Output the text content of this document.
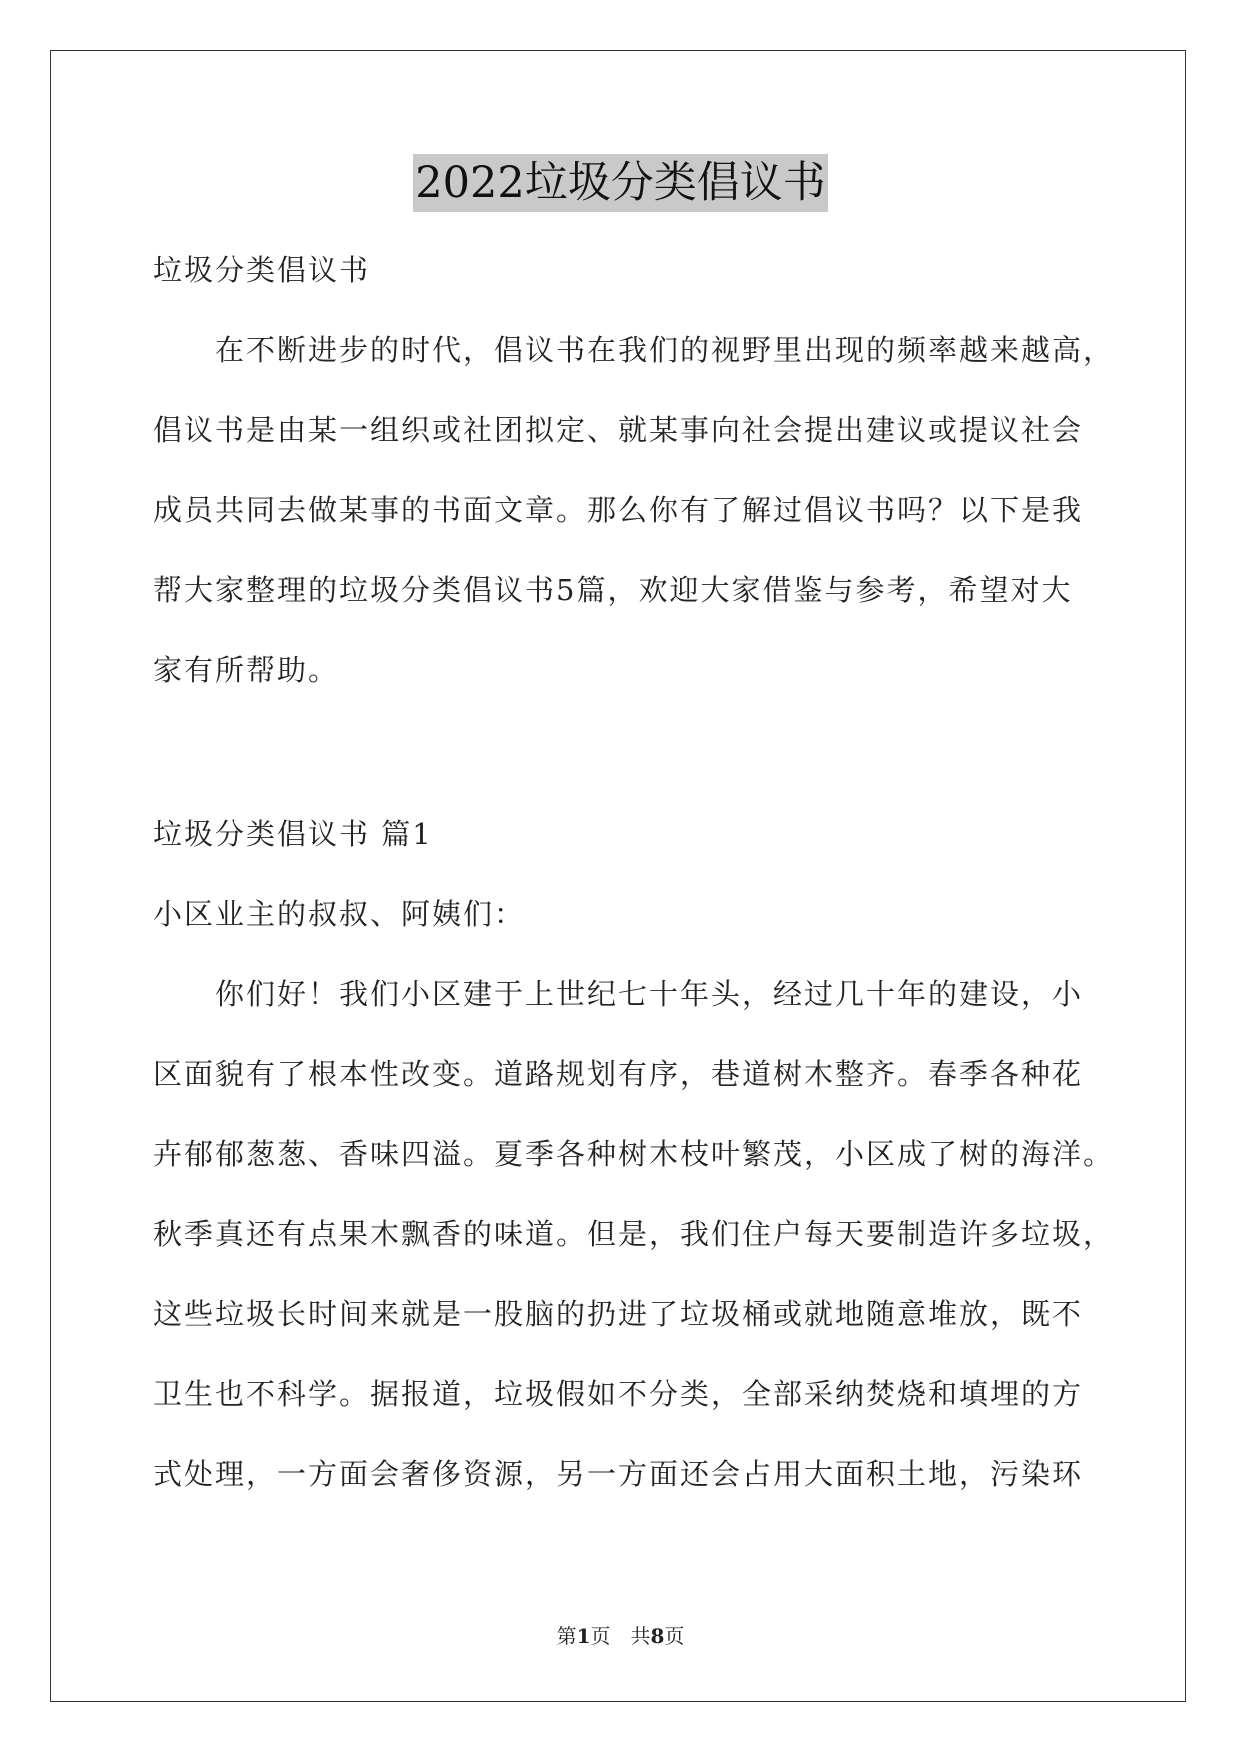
2022垃圾分类倡议书
垃圾分类倡议书
在不断进步的时代，倡议书在我们的视野里出现的频率越来越高，
倡议书是由某一组织或社团拟定、就某事向社会提出建议或提议社会
成员共同去做某事的书面文章。那么你有了解过倡议书吗？以下是我
帮大家整理的垃圾分类倡议书5篇，欢迎大家借鉴与参考，希望对大
家有所帮助。
垃圾分类倡议书 篇1
小区业主的叔叔、阿姨们：
你们好！我们小区建于上世纪七十年头，经过几十年的建设，小
区面貌有了根本性改变。道路规划有序，巷道树木整齐。春季各种花
卉郁郁葱葱、香味四溢。夏季各种树木枝叶繁茂，小区成了树的海洋。
秋季真还有点果木飘香的味道。但是，我们住户每天要制造许多垃圾，
这些垃圾长时间来就是一股脑的扔进了垃圾桶或就地随意堆放，既不
卫生也不科学。据报道，垃圾假如不分类，全部采纳焚烧和填埋的方
式处理，一方面会奢侈资源，另一方面还会占用大面积土地，污染环
第1页　共8页
